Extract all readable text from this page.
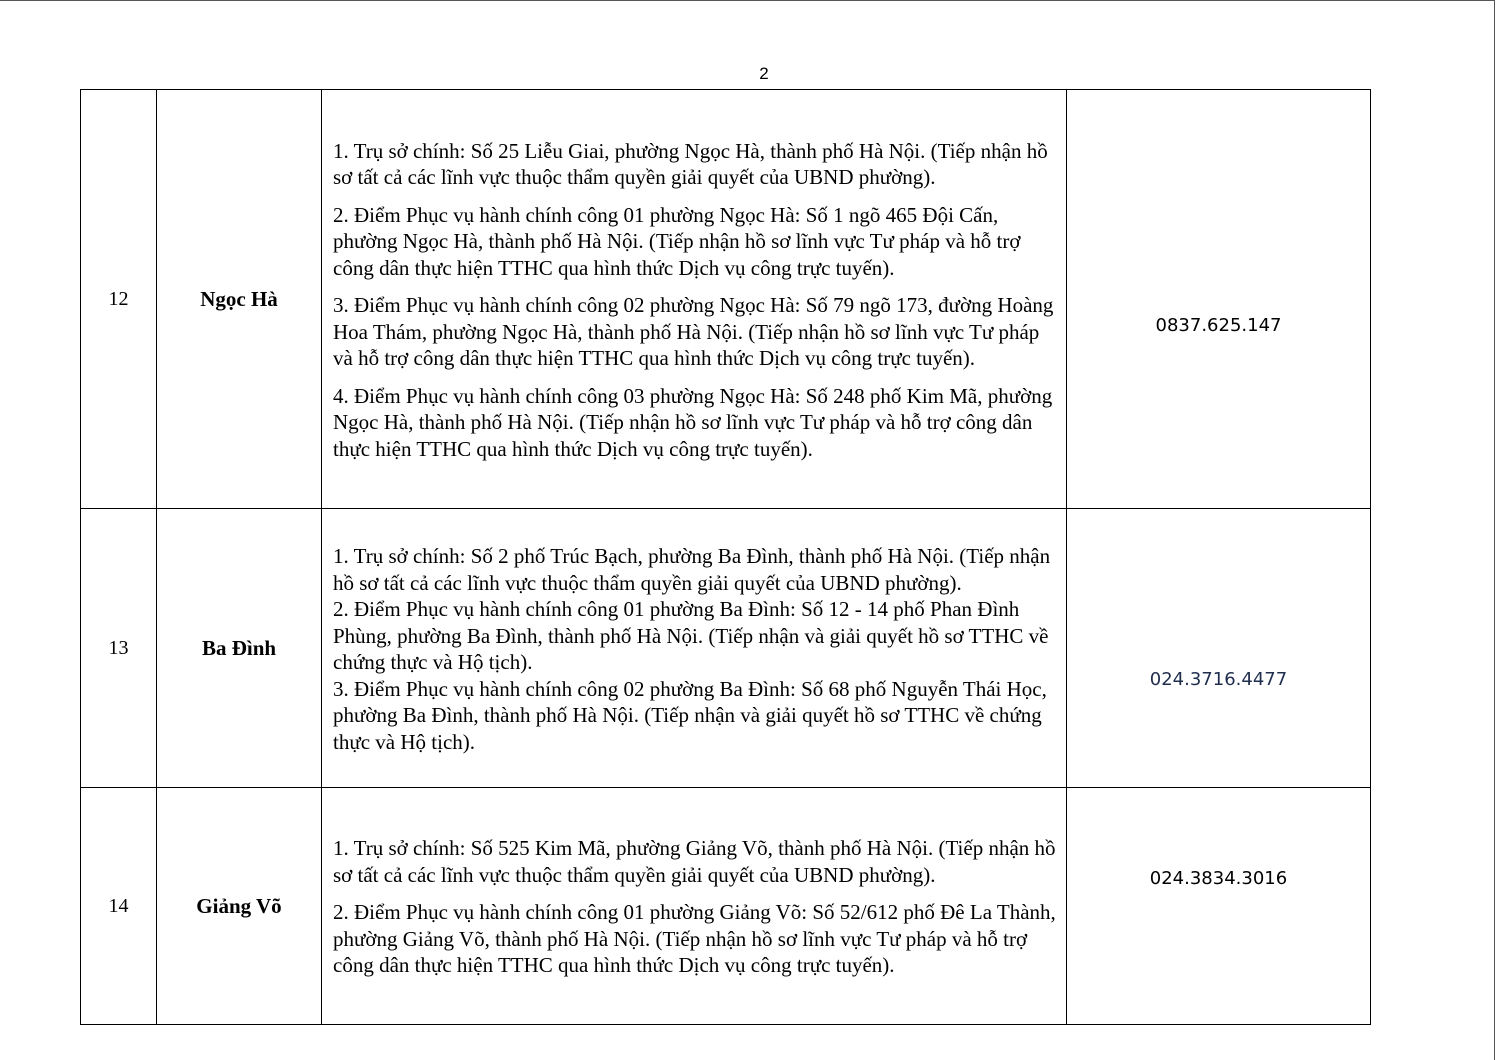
2
12	Ngọc Hà	1. Trụ sở chính: Số 25 Liễu Giai, phường Ngọc Hà, thành phố Hà Nội. (Tiếp nhận hồ sơ tất cả các lĩnh vực thuộc thẩm quyền giải quyết của UBND phường).

2. Điểm Phục vụ hành chính công 01 phường Ngọc Hà: Số 1 ngõ 465 Đội Cấn, phường Ngọc Hà, thành phố Hà Nội. (Tiếp nhận hồ sơ lĩnh vực Tư pháp và hỗ trợ công dân thực hiện TTHC qua hình thức Dịch vụ công trực tuyến).

3. Điểm Phục vụ hành chính công 02 phường Ngọc Hà: Số 79 ngõ 173, đường Hoàng Hoa Thám, phường Ngọc Hà, thành phố Hà Nội. (Tiếp nhận hồ sơ lĩnh vực Tư pháp và hỗ trợ công dân thực hiện TTHC qua hình thức Dịch vụ công trực tuyến).

4. Điểm Phục vụ hành chính công 03 phường Ngọc Hà: Số 248 phố Kim Mã, phường Ngọc Hà, thành phố Hà Nội. (Tiếp nhận hồ sơ lĩnh vực Tư pháp và hỗ trợ công dân thực hiện TTHC qua hình thức Dịch vụ công trực tuyến).	0837.625.147
13	Ba Đình	1. Trụ sở chính: Số 2 phố Trúc Bạch, phường Ba Đình, thành phố Hà Nội. (Tiếp nhận hồ sơ tất cả các lĩnh vực thuộc thẩm quyền giải quyết của UBND phường).

2. Điểm Phục vụ hành chính công 01 phường Ba Đình: Số 12 - 14 phố Phan Đình Phùng, phường Ba Đình, thành phố Hà Nội. (Tiếp nhận và giải quyết hồ sơ TTHC về chứng thực và Hộ tịch).

3. Điểm Phục vụ hành chính công 02 phường Ba Đình: Số 68 phố Nguyễn Thái Học, phường Ba Đình, thành phố Hà Nội. (Tiếp nhận và giải quyết hồ sơ TTHC về chứng thực và Hộ tịch).	024.3716.4477
14	Giảng Võ	1. Trụ sở chính: Số 525 Kim Mã, phường Giảng Võ, thành phố Hà Nội. (Tiếp nhận hồ sơ tất cả các lĩnh vực thuộc thẩm quyền giải quyết của UBND phường).

2. Điểm Phục vụ hành chính công 01 phường Giảng Võ: Số 52/612 phố Đê La Thành, phường Giảng Võ, thành phố Hà Nội. (Tiếp nhận hồ sơ lĩnh vực Tư pháp và hỗ trợ công dân thực hiện TTHC qua hình thức Dịch vụ công trực tuyến).	024.3834.3016
